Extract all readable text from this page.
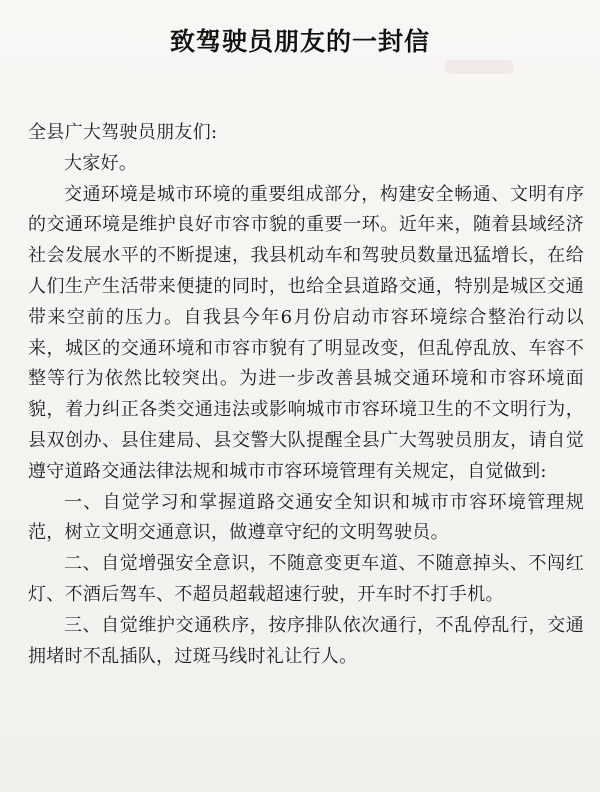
致驾驶员朋友的一封信

全县广大驾驶员朋友们:

大家好。

交通环境是城市环境的重要组成部分，构建安全畅通、文明有序的交通环境是维护良好市容市貌的重要一环。近年来，随着县域经济社会发展水平的不断提速，我县机动车和驾驶员数量迅猛增长，在给人们生产生活带来便捷的同时，也给全县道路交通，特别是城区交通带来空前的压力。自我县今年6月份启动市容环境综合整治行动以来，城区的交通环境和市容市貌有了明显改变，但乱停乱放、车容不整等行为依然比较突出。为进一步改善县城交通环境和市容环境面貌，着力纠正各类交通违法或影响城市市容环境卫生的不文明行为，县双创办、县住建局、县交警大队提醒全县广大驾驶员朋友，请自觉遵守道路交通法律法规和城市市容环境管理有关规定，自觉做到:

一、自觉学习和掌握道路交通安全知识和城市市容环境管理规范，树立文明交通意识，做遵章守纪的文明驾驶员。

二、自觉增强安全意识，不随意变更车道、不随意掉头、不闯红灯、不酒后驾车、不超员超载超速行驶，开车时不打手机。

三、自觉维护交通秩序，按序排队依次通行，不乱停乱行，交通拥堵时不乱插队，过斑马线时礼让行人。
